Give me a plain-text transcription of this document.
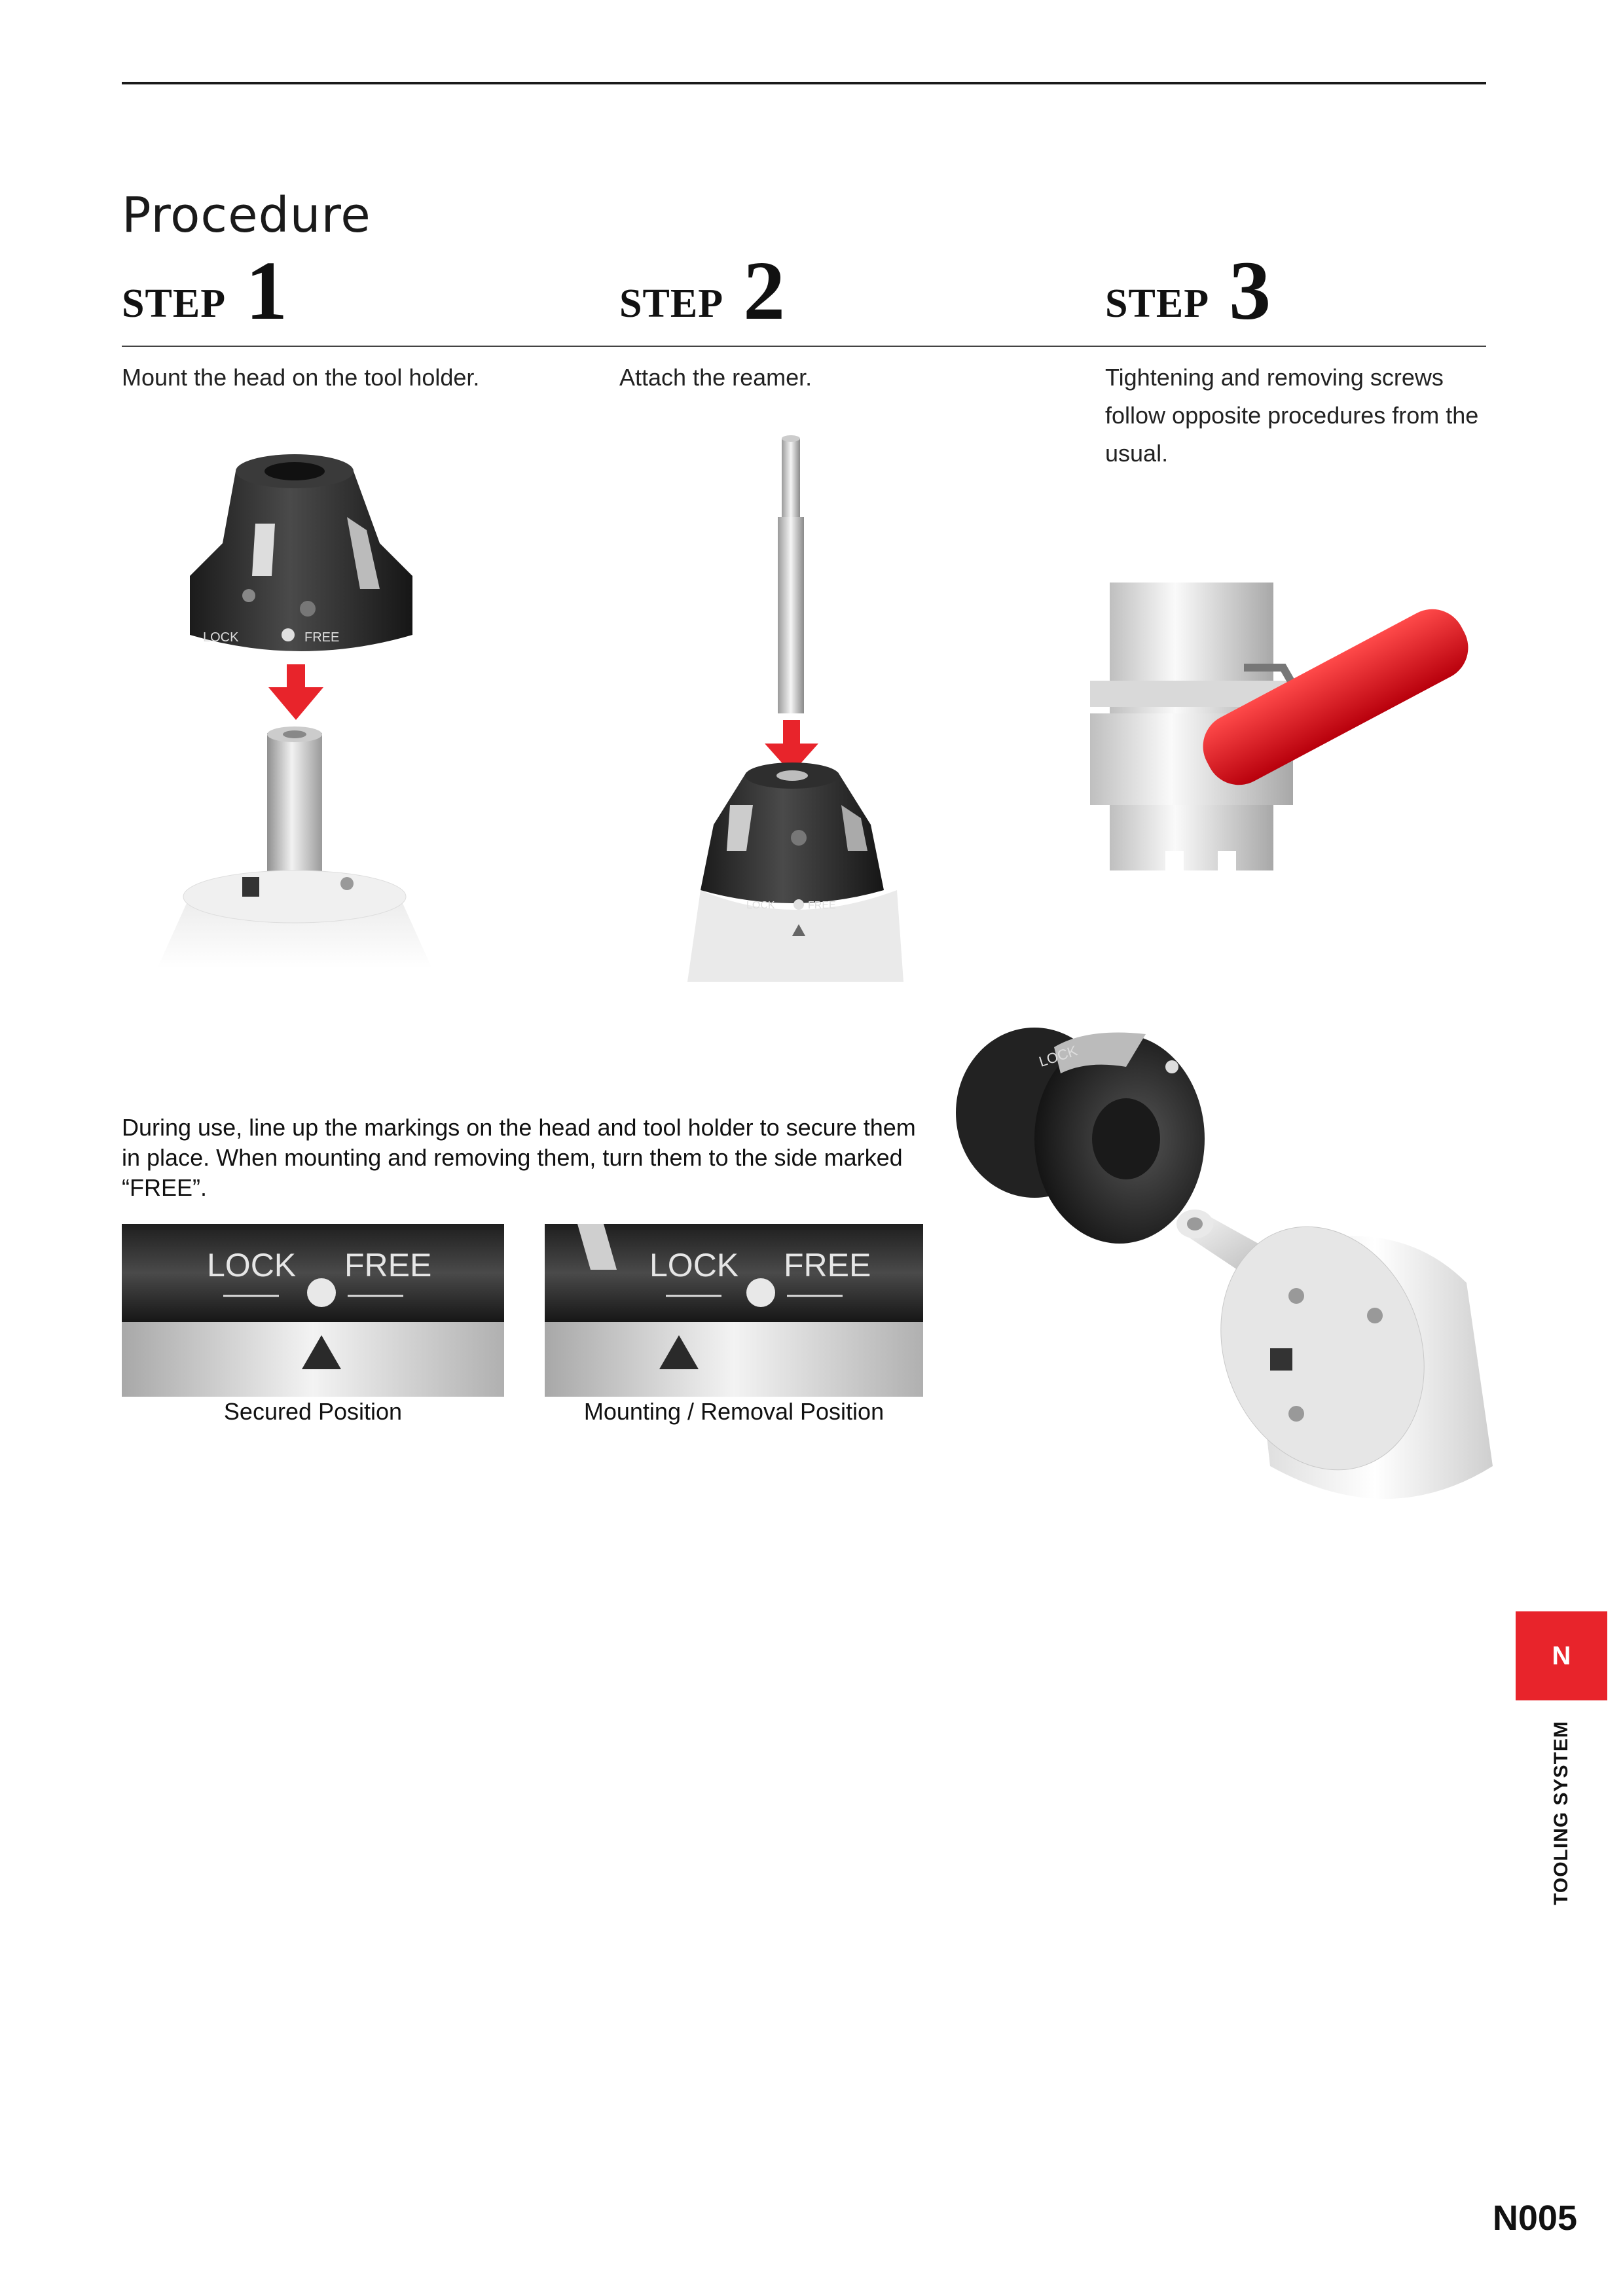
Procedure
STEP 1	STEP 2	STEP 3
Mount the head on the tool holder.	Attach the reamer.	Tightening and removing screws
follow opposite procedures from the
usual.
LOCK	FREE
LOCK	FREE
During use, line up the markings on the head and tool holder to secure them
in place. When mounting and removing them, turn them to the side marked
“FREE”.
LOCK FREE	LOCK FREE
Secured Position	Mounting / Removal Position
LOCK
N
TOOLING SYSTEM
N005
